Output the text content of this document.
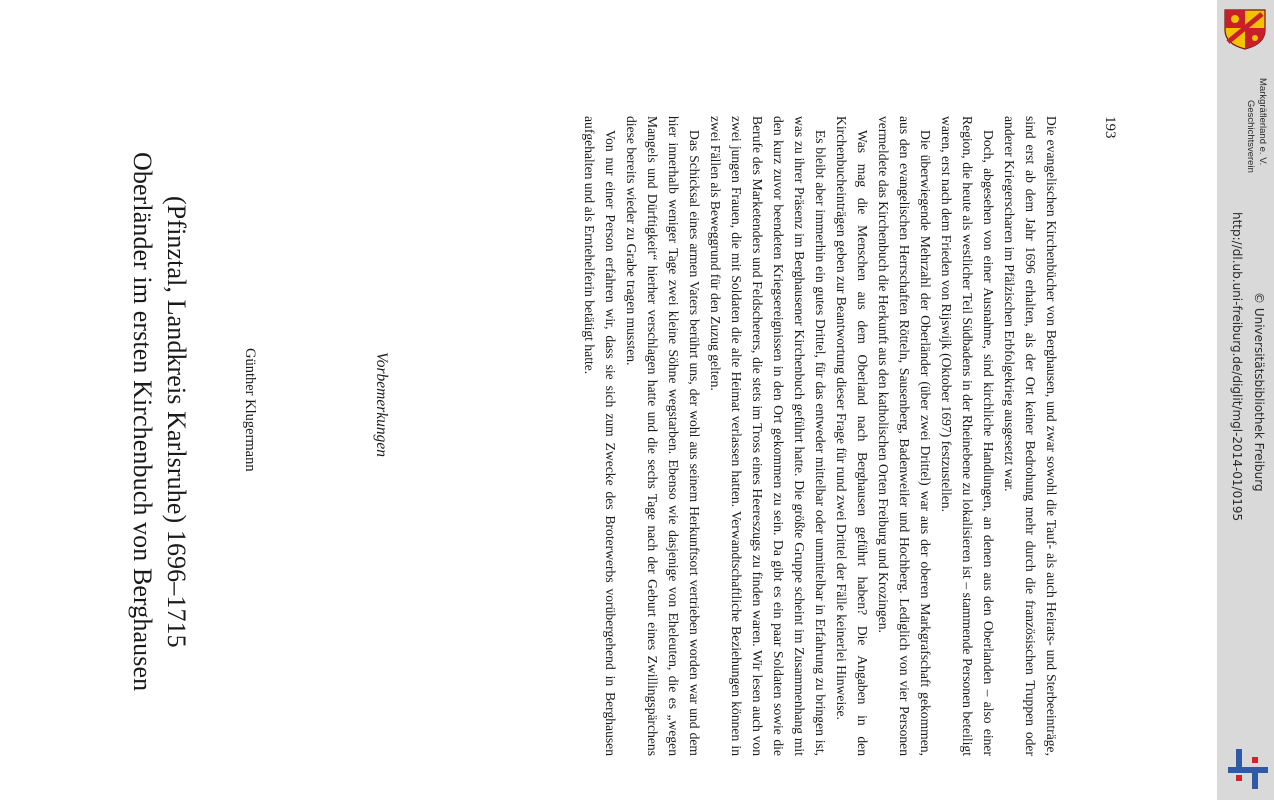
Oberländer im ersten Kirchenbuch von Berghausen (Pfinztal, Landkreis Karlsruhe) 1696–1715	Günther Klugermann	Vorbemerkungen	Die evangelischen Kirchenbücher von Berghausen, und zwar sowohl die Tauf- als auch Heirats- und Sterbeeinträge, sind erst ab dem Jahr 1696 erhalten, als der Ort keiner Bedrohung mehr durch die französischen Truppen oder anderer Kriegerscharen im Pfälzischen Erbfolgekrieg ausgesetzt war.

Doch, abgesehen von einer Ausnahme, sind kirchliche Handlungen, an denen aus den Oberlanden – also einer Region, die heute als westlicher Teil Südbadens in der Rheinebene zu lokalisieren ist – stammende Personen beteiligt waren, erst nach dem Frieden von Rijswijk (Oktober 1697) festzustellen.

Die überwiegende Mehrzahl der Oberländer (über zwei Drittel) war aus der oberen Markgrafschaft gekommen, aus den evangelischen Herrschaften Rötteln, Sausenberg, Badenweiler und Hochberg. Lediglich von vier Personen vermeldete das Kirchenbuch die Herkunft aus den katholischen Orten Freiburg und Krozingen.

Was mag die Menschen aus dem Oberland nach Berghausen geführt haben? Die Angaben in den Kirchenbucheinträgen geben zur Beantwortung dieser Frage für rund zwei Drittel der Fälle keinerlei Hinweise.

Es bleibt aber immerhin ein gutes Drittel, für das entweder mittelbar oder unmittelbar in Erfahrung zu bringen ist, was zu ihrer Präsenz im Berghausener Kirchenbuch geführt hatte. Die größte Gruppe scheint im Zusammenhang mit den kurz zuvor beendeten Kriegsereignissen in den Ort gekommen zu sein. Da gibt es ein paar Soldaten sowie die Berufe des Marketenders und Feldscherers, die stets im Tross eines Heereszugs zu finden waren. Wir lesen auch von zwei jungen Frauen, die mit Soldaten die alte Heimat verlassen hatten. Verwandtschaftliche Beziehungen können in zwei Fällen als Beweggrund für den Zuzug gelten.

Das Schicksal eines armen Vaters berührt uns, der wohl aus seinem Herkunftsort vertrieben worden war und dem hier innerhalb weniger Tage zwei kleine Söhne wegstarben. Ebenso wie dasjenige von Eheleuten, die es „wegen Mangels und Dürftigkeit“ hierher verschlagen hatte und die sechs Tage nach der Geburt eines Zwillingspärchens diese bereits wieder zu Grabe tragen mussten.

Von nur einer Person erfahren wir, dass sie sich zum Zwecke des Broterwerbs vorübergehend in Berghausen aufgehalten und als Erntehelferin betätigt hatte.	193	Geschichtsverein Markgräflerland e. V.
http://dl.ub.uni-freiburg.de/diglit/mgl-2014-01/0195 © Universitätsbibliothek Freiburg
